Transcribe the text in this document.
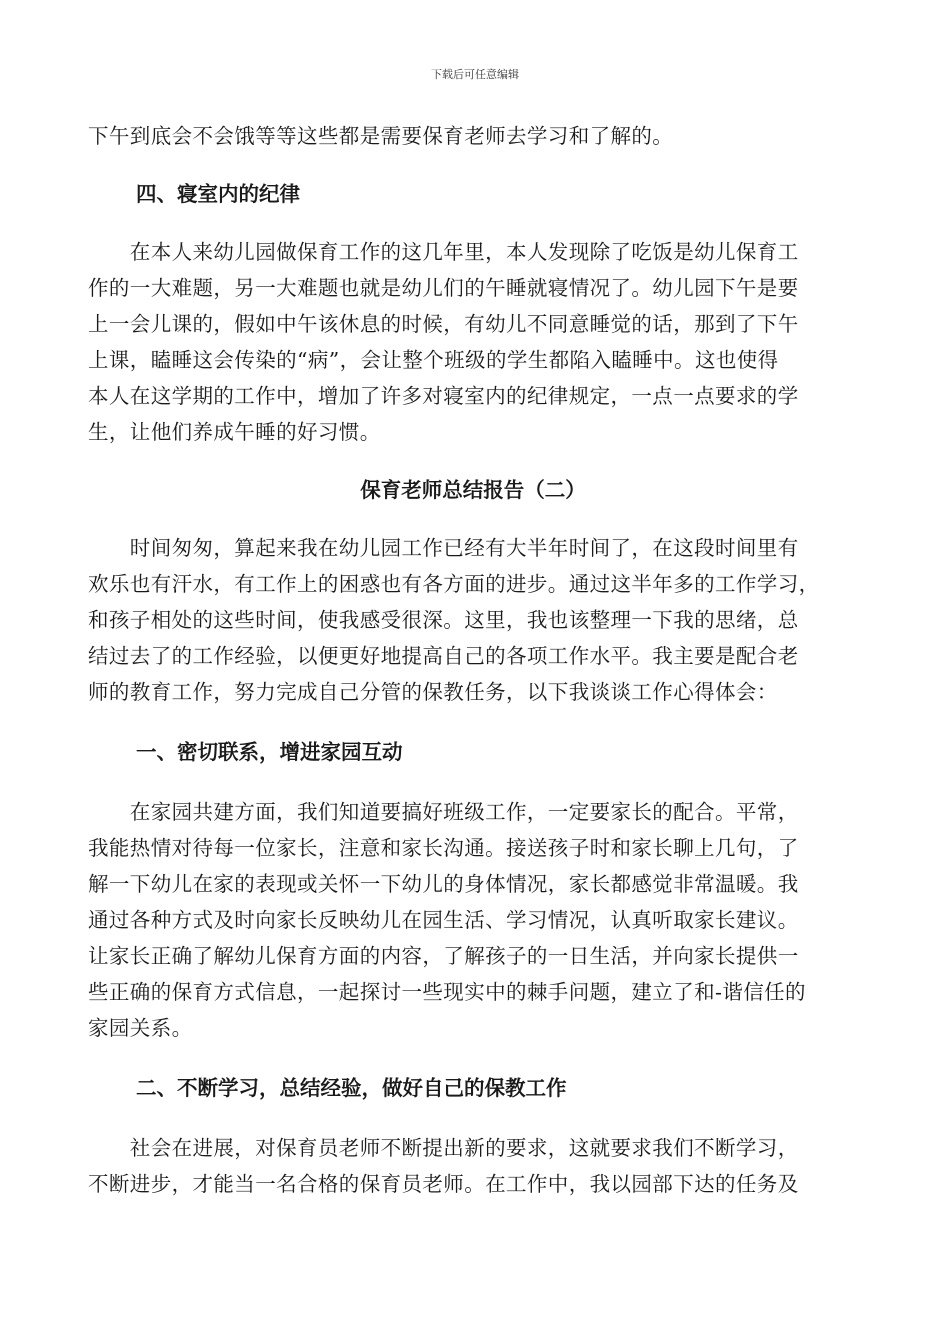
下载后可任意编辑
下午到底会不会饿等等这些都是需要保育老师去学习和了解的。
四、寝室内的纪律
　　在本人来幼儿园做保育工作的这几年里，本人发现除了吃饭是幼儿保育工
作的一大难题，另一大难题也就是幼儿们的午睡就寝情况了。幼儿园下午是要
上一会儿课的，假如中午该休息的时候，有幼儿不同意睡觉的话，那到了下午
上课，瞌睡这会传染的“病”，会让整个班级的学生都陷入瞌睡中。这也使得
本人在这学期的工作中，增加了许多对寝室内的纪律规定，一点一点要求的学
生，让他们养成午睡的好习惯。
保育老师总结报告（二）
　　时间匆匆，算起来我在幼儿园工作已经有大半年时间了，在这段时间里有
欢乐也有汗水，有工作上的困惑也有各方面的进步。通过这半年多的工作学习，
和孩子相处的这些时间，使我感受很深。这里，我也该整理一下我的思绪，总
结过去了的工作经验，以便更好地提高自己的各项工作水平。我主要是配合老
师的教育工作，努力完成自己分管的保教任务，以下我谈谈工作心得体会：
一、密切联系，增进家园互动
　　在家园共建方面，我们知道要搞好班级工作，一定要家长的配合。平常，
我能热情对待每一位家长，注意和家长沟通。接送孩子时和家长聊上几句，了
解一下幼儿在家的表现或关怀一下幼儿的身体情况，家长都感觉非常温暖。我
通过各种方式及时向家长反映幼儿在园生活、学习情况，认真听取家长建议。
让家长正确了解幼儿保育方面的内容，了解孩子的一日生活，并向家长提供一
些正确的保育方式信息，一起探讨一些现实中的棘手问题，建立了和-谐信任的
家园关系。
二、不断学习，总结经验，做好自己的保教工作
　　社会在进展，对保育员老师不断提出新的要求，这就要求我们不断学习，
不断进步，才能当一名合格的保育员老师。在工作中，我以园部下达的任务及
